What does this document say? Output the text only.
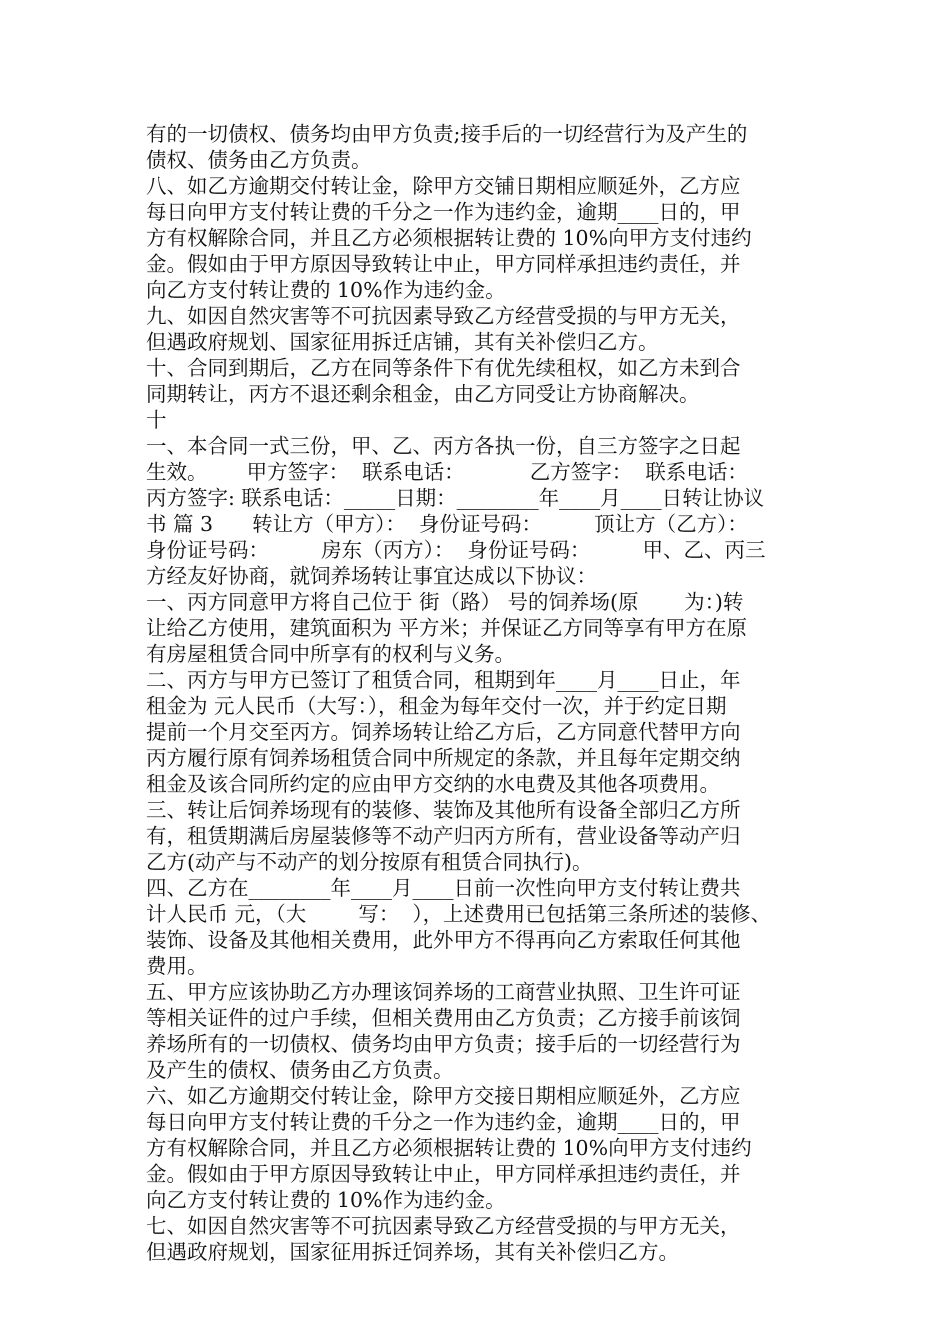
有的一切债权、债务均由甲方负责;接手后的一切经营行为及产生的
债权、债务由乙方负责。
八、如乙方逾期交付转让金，除甲方交铺日期相应顺延外，乙方应
每日向甲方支付转让费的千分之一作为违约金，逾期____日的，甲
方有权解除合同，并且乙方必须根据转让费的 10%向甲方支付违约
金。假如由于甲方原因导致转让中止，甲方同样承担违约责任，并
向乙方支付转让费的 10%作为违约金。
九、如因自然灾害等不可抗因素导致乙方经营受损的与甲方无关，
但遇政府规划、国家征用拆迁店铺，其有关补偿归乙方。
十、合同到期后，乙方在同等条件下有优先续租权，如乙方未到合
同期转让，丙方不退还剩余租金，由乙方同受让方协商解决。
十
一、本合同一式三份，甲、乙、丙方各执一份，自三方签字之日起
生效。      甲方签字：  联系电话：          乙方签字：  联系电话：
丙方签字: 联系电话：_____日期：________年____月____日转让协议
书 篇 3      转让方（甲方）：  身份证号码：        顶让方（乙方）：
身份证号码：        房东（丙方）：  身份证号码：        甲、乙、丙三
方经友好协商，就饲养场转让事宜达成以下协议：
一、丙方同意甲方将自己位于 街（路） 号的饲养场(原       为：)转
让给乙方使用，建筑面积为 平方米；并保证乙方同等享有甲方在原
有房屋租赁合同中所享有的权利与义务。
二、丙方与甲方已签订了租赁合同，租期到年____月____日止，年
租金为 元人民币（大写：），租金为每年交付一次，并于约定日期
提前一个月交至丙方。饲养场转让给乙方后，乙方同意代替甲方向
丙方履行原有饲养场租赁合同中所规定的条款，并且每年定期交纳
租金及该合同所约定的应由甲方交纳的水电费及其他各项费用。
三、转让后饲养场现有的装修、装饰及其他所有设备全部归乙方所
有，租赁期满后房屋装修等不动产归丙方所有，营业设备等动产归
乙方(动产与不动产的划分按原有租赁合同执行)。
四、乙方在________年____月____日前一次性向甲方支付转让费共
计人民币 元，（大        写：  ），上述费用已包括第三条所述的装修、
装饰、设备及其他相关费用，此外甲方不得再向乙方索取任何其他
费用。
五、甲方应该协助乙方办理该饲养场的工商营业执照、卫生许可证
等相关证件的过户手续，但相关费用由乙方负责；乙方接手前该饲
养场所有的一切债权、债务均由甲方负责；接手后的一切经营行为
及产生的债权、债务由乙方负责。
六、如乙方逾期交付转让金，除甲方交接日期相应顺延外，乙方应
每日向甲方支付转让费的千分之一作为违约金，逾期____日的，甲
方有权解除合同，并且乙方必须根据转让费的 10%向甲方支付违约
金。假如由于甲方原因导致转让中止，甲方同样承担违约责任，并
向乙方支付转让费的 10%作为违约金。
七、如因自然灾害等不可抗因素导致乙方经营受损的与甲方无关，
但遇政府规划，国家征用拆迁饲养场，其有关补偿归乙方。
